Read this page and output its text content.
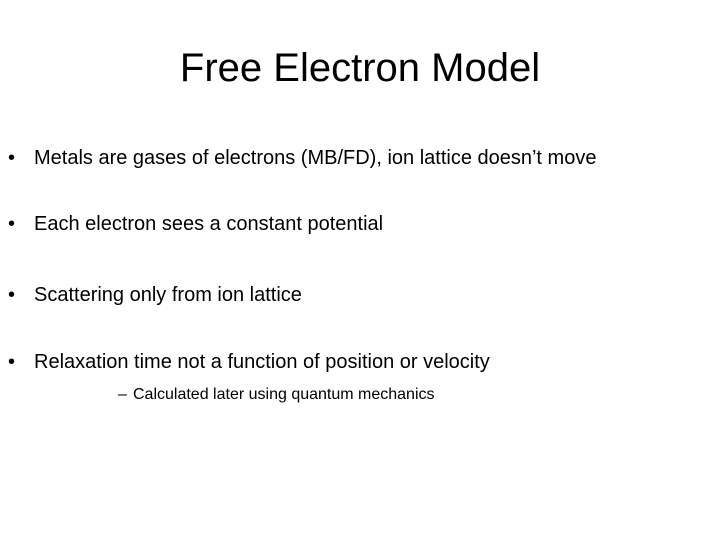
Free Electron Model
• Metals are gases of electrons (MB/FD), ion lattice doesn’t move
• Each electron sees a constant potential
• Scattering only from ion lattice
• Relaxation time not a function of position or velocity
– Calculated later using quantum mechanics
